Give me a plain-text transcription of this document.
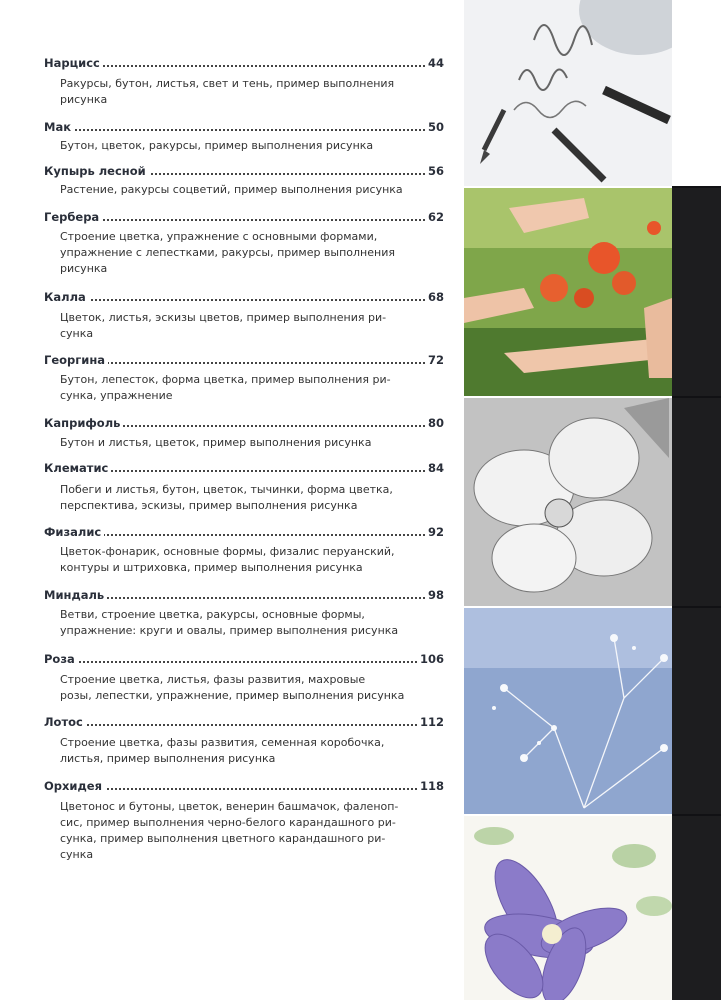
Нарцисс	44
Ракурсы, бутон, листья, свет и тень, пример выполнения
рисунка
Мак	50
Бутон, цветок, ракурсы, пример выполнения рисунка
Купырь лесной	56
Растение, ракурсы соцветий, пример выполнения рисунка
Гербера	62
Строение цветка, упражнение с основными формами,
упражнение с лепестками, ракурсы, пример выполнения
рисунка
Калла	68
Цветок, листья, эскизы цветов, пример выполнения ри-
сунка
Георгина	72
Бутон, лепесток, форма цветка, пример выполнения ри-
сунка, упражнение
Каприфоль	80
Бутон и листья, цветок, пример выполнения рисунка
Клематис	84
Побеги и листья, бутон, цветок, тычинки, форма цветка,
перспектива, эскизы, пример выполнения рисунка
Физалис	92
Цветок-фонарик, основные формы, физалис перуанский,
контуры и штриховка, пример выполнения рисунка
Миндаль	98
Ветви, строение цветка, ракурсы, основные формы,
упражнение: круги и овалы, пример выполнения рисунка
Роза	106
Строение цветка, листья, фазы развития, махровые
розы, лепестки, упражнение, пример выполнения рисунка
Лотос	112
Строение цветка, фазы развития, семенная коробочка,
листья, пример выполнения рисунка
Орхидея	118
Цветонос и бутоны, цветок, венерин башмачок, фаленоп-
сис, пример выполнения черно-белого карандашного ри-
сунка, пример выполнения цветного карандашного ри-
сунка
